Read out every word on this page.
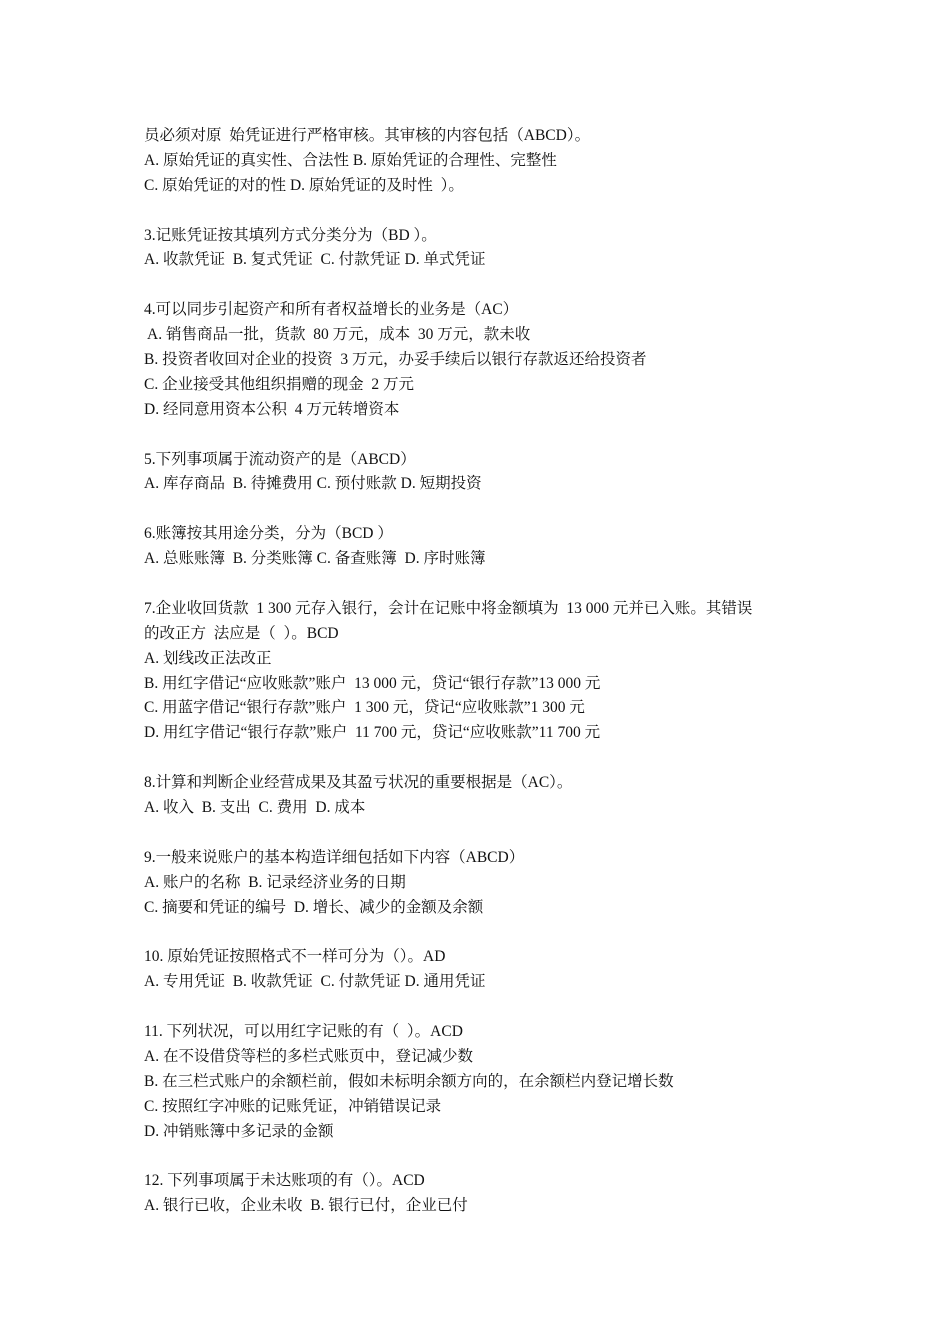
员必须对原  始凭证进行严格审核。其审核的内容包括（ABCD）。
A. 原始凭证的真实性、合法性 B. 原始凭证的合理性、完整性
C. 原始凭证的对的性 D. 原始凭证的及时性  ）。
3.记账凭证按其填列方式分类分为（BD ）。
A. 收款凭证  B. 复式凭证  C. 付款凭证 D. 单式凭证
4.可以同步引起资产和所有者权益增长的业务是（AC）
A. 销售商品一批，货款  80 万元，成本  30 万元，款未收
B. 投资者收回对企业的投资  3 万元，办妥手续后以银行存款返还给投资者
C. 企业接受其他组织捐赠的现金  2 万元
D. 经同意用资本公积  4 万元转增资本
5.下列事项属于流动资产的是（ABCD）
A. 库存商品  B. 待摊费用 C. 预付账款 D. 短期投资
6.账簿按其用途分类，分为（BCD ）
A. 总账账簿  B. 分类账簿 C. 备查账簿  D. 序时账簿
7.企业收回货款  1 300 元存入银行，会计在记账中将金额填为  13 000 元并已入账。其错误
的改正方  法应是（  ）。BCD
A. 划线改正法改正
B. 用红字借记“应收账款”账户  13 000 元，贷记“银行存款”13 000 元
C. 用蓝字借记“银行存款”账户  1 300 元，贷记“应收账款”1 300 元
D. 用红字借记“银行存款”账户  11 700 元，贷记“应收账款”11 700 元
8.计算和判断企业经营成果及其盈亏状况的重要根据是（AC）。
A. 收入  B. 支出  C. 费用  D. 成本
9.一般来说账户的基本构造详细包括如下内容（ABCD）
A. 账户的名称  B. 记录经济业务的日期
C. 摘要和凭证的编号  D. 增长、减少的金额及余额
10. 原始凭证按照格式不一样可分为（）。AD
A. 专用凭证  B. 收款凭证  C. 付款凭证 D. 通用凭证
11. 下列状况，可以用红字记账的有（  ）。ACD
A. 在不设借贷等栏的多栏式账页中，登记减少数
B. 在三栏式账户的余额栏前，假如未标明余额方向的，在余额栏内登记增长数
C. 按照红字冲账的记账凭证，冲销错误记录
D. 冲销账簿中多记录的金额
12. 下列事项属于未达账项的有（）。ACD
A. 银行已收，企业未收  B. 银行已付，企业已付
